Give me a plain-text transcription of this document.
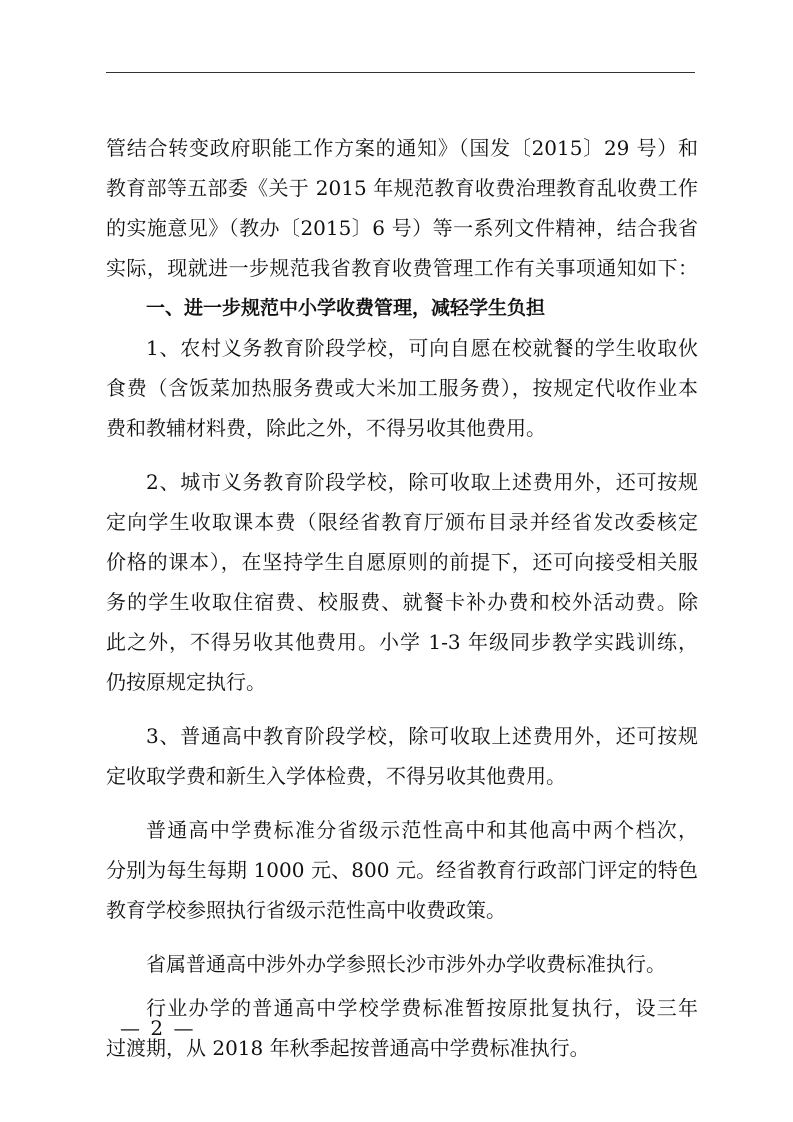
管结合转变政府职能工作方案的通知》（国发〔2015〕29 号）和
教育部等五部委《关于 2015 年规范教育收费治理教育乱收费工作
的实施意见》（教办〔2015〕6 号）等一系列文件精神，结合我省
实际，现就进一步规范我省教育收费管理工作有关事项通知如下：
一、进一步规范中小学收费管理，减轻学生负担
1、农村义务教育阶段学校，可向自愿在校就餐的学生收取伙
食费（含饭菜加热服务费或大米加工服务费），按规定代收作业本
费和教辅材料费，除此之外，不得另收其他费用。
2、城市义务教育阶段学校，除可收取上述费用外，还可按规
定向学生收取课本费（限经省教育厅颁布目录并经省发改委核定
价格的课本），在坚持学生自愿原则的前提下，还可向接受相关服
务的学生收取住宿费、校服费、就餐卡补办费和校外活动费。除
此之外，不得另收其他费用。小学 1-3 年级同步教学实践训练，
仍按原规定执行。
3、普通高中教育阶段学校，除可收取上述费用外，还可按规
定收取学费和新生入学体检费，不得另收其他费用。
普通高中学费标准分省级示范性高中和其他高中两个档次，
分别为每生每期 1000 元、800 元。经省教育行政部门评定的特色
教育学校参照执行省级示范性高中收费政策。
省属普通高中涉外办学参照长沙市涉外办学收费标准执行。
行业办学的普通高中学校学费标准暂按原批复执行，设三年
过渡期，从 2018 年秋季起按普通高中学费标准执行。
— 2 —
